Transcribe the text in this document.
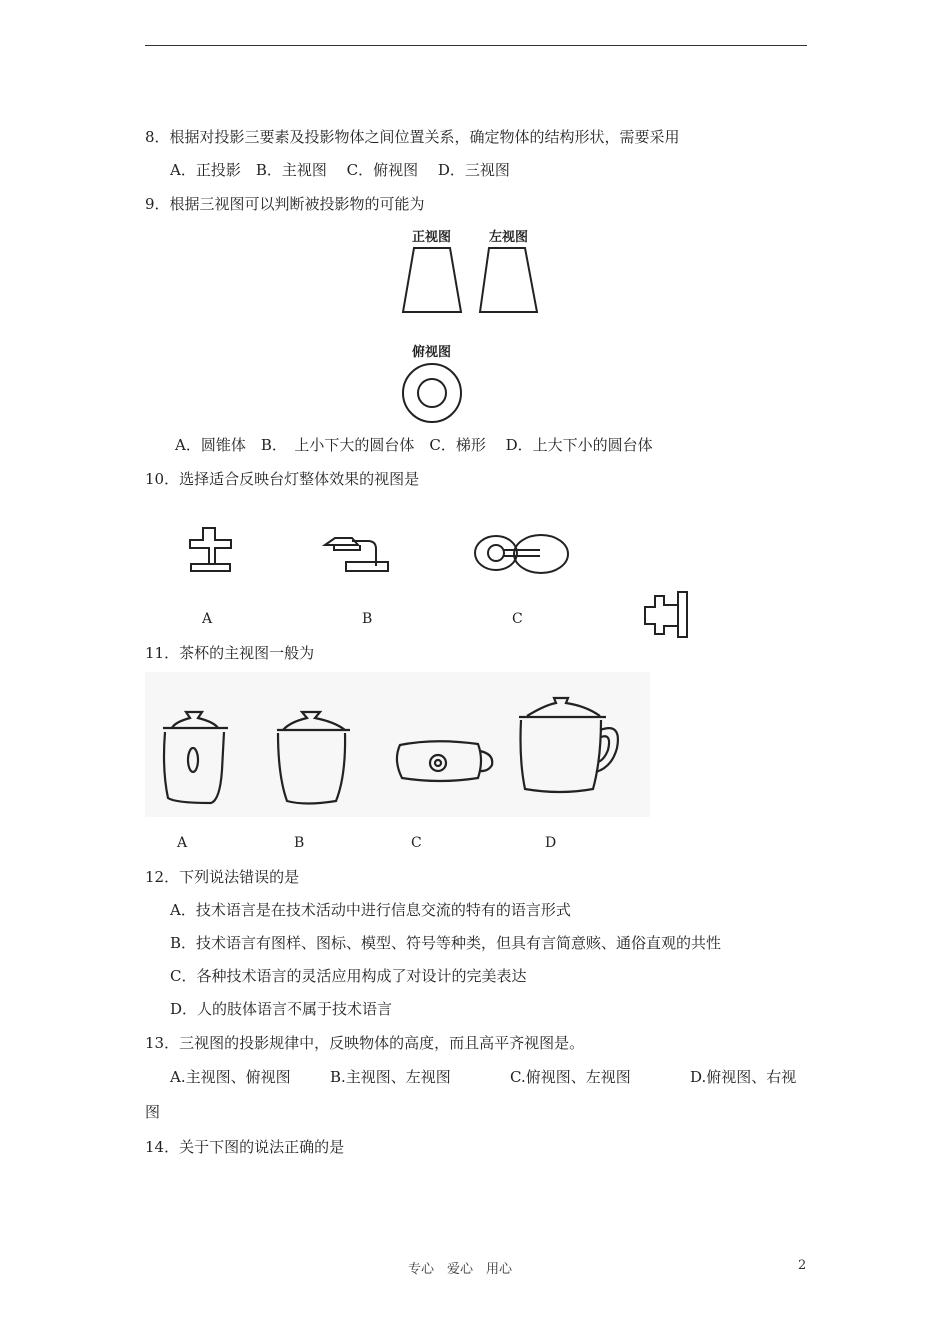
8．根据对投影三要素及投影物体之间位置关系，确定物体的结构形状，需要采用
A．正投影　B．主视图　 C．俯视图　 D．三视图
9．根据三视图可以判断被投影物的可能为
正视图	左视图
俯视图
A．圆锥体　B．　上小下大的圆台体　C．梯形　 D．上大下小的圆台体
10．选择适合反映台灯整体效果的视图是
A	B	C
11．茶杯的主视图一般为
A	B	C	D
12．下列说法错误的是
A．技术语言是在技术活动中进行信息交流的特有的语言形式
B．技术语言有图样、图标、模型、符号等种类，但具有言简意赅、通俗直观的共性
C．各种技术语言的灵活应用构成了对设计的完美表达
D．人的肢体语言不属于技术语言
13．三视图的投影规律中，反映物体的高度，而且高平齐视图是。
A.主视图、俯视图	B.主视图、左视图	C.俯视图、左视图	D.俯视图、右视
图
14．关于下图的说法正确的是
专心　爱心　用心	2
